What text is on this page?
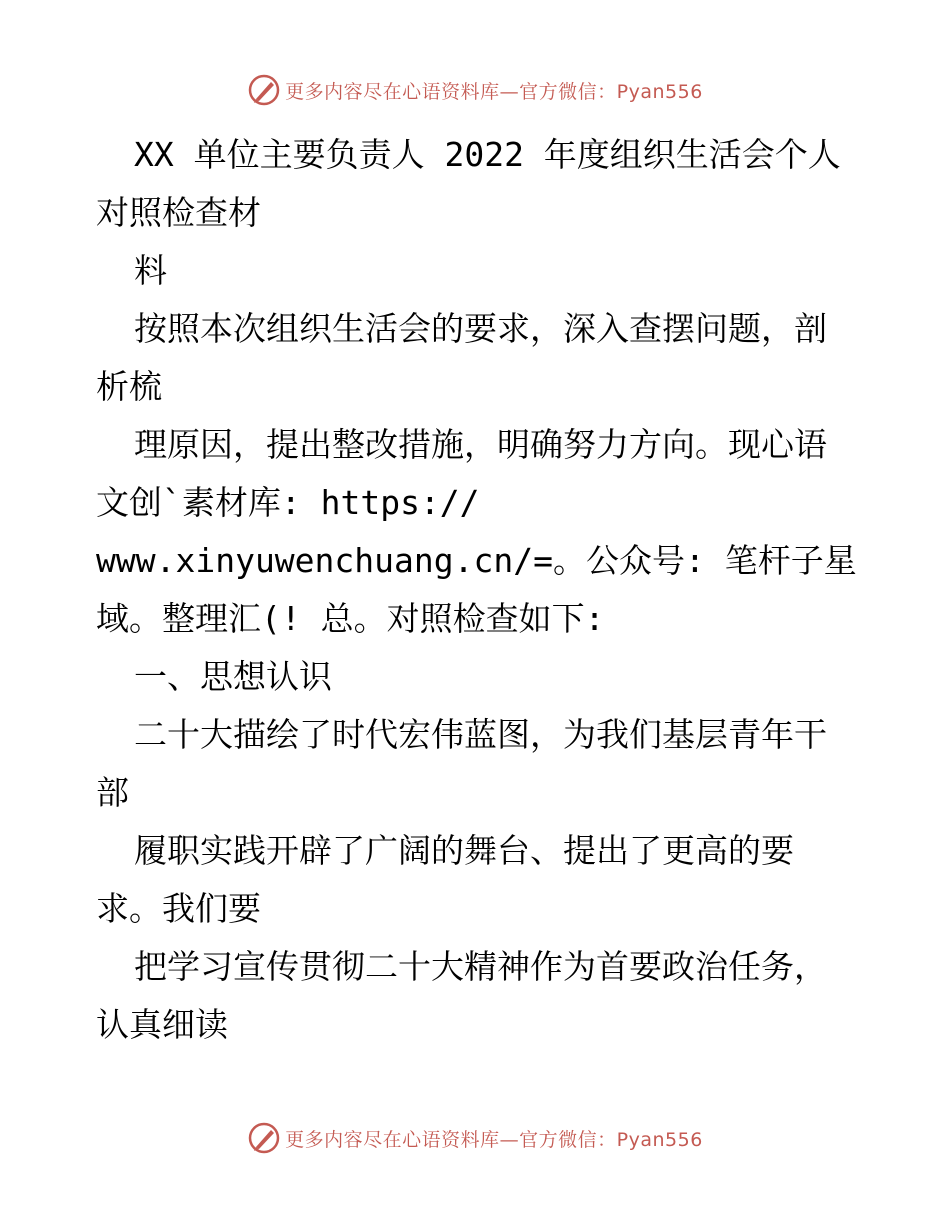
更多内容尽在心语资料库—官方微信：Pyan556

XX 单位主要负责人 2022 年度组织生活会个人

对照检查材

料

按照本次组织生活会的要求，深入查摆问题，剖

析梳

理原因，提出整改措施，明确努力方向。现心语

文创`素材库: https://

www.xinyuwenchuang.cn/=。公众号: 笔杆子星

域。整理汇(! 总。对照检查如下:

一、思想认识

二十大描绘了时代宏伟蓝图，为我们基层青年干

部

履职实践开辟了广阔的舞台、提出了更高的要

求。我们要

把学习宣传贯彻二十大精神作为首要政治任务，

认真细读

更多内容尽在心语资料库—官方微信：Pyan556
